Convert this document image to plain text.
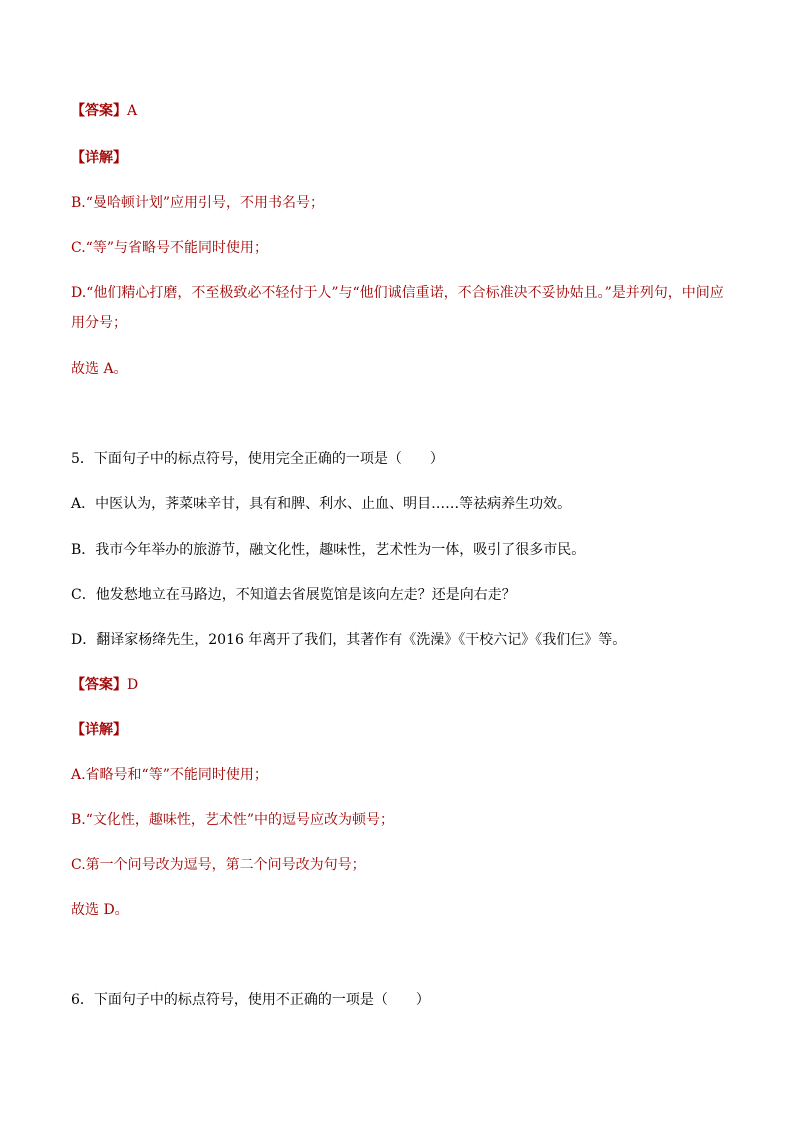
【答案】A
【详解】
B.“曼哈顿计划”应用引号，不用书名号；
C.“等”与省略号不能同时使用；
D.“他们精心打磨，不至极致必不轻付于人”与“他们诚信重诺，不合标准决不妥协姑且。”是并列句，中间应用分号；
故选 A。
5．下面句子中的标点符号，使用完全正确的一项是（　　）
A．中医认为，荠菜味辛甘，具有和脾、利水、止血、明目……等祛病养生功效。
B．我市今年举办的旅游节，融文化性，趣味性，艺术性为一体，吸引了很多市民。
C．他发愁地立在马路边，不知道去省展览馆是该向左走？还是向右走？
D．翻译家杨绛先生，2016 年离开了我们，其著作有《洗澡》《干校六记》《我们仨》等。
【答案】D
【详解】
A.省略号和“等”不能同时使用；
B.“文化性，趣味性，艺术性”中的逗号应改为顿号；
C.第一个问号改为逗号，第二个问号改为句号；
故选 D。
6．下面句子中的标点符号，使用不正确的一项是（　　）
